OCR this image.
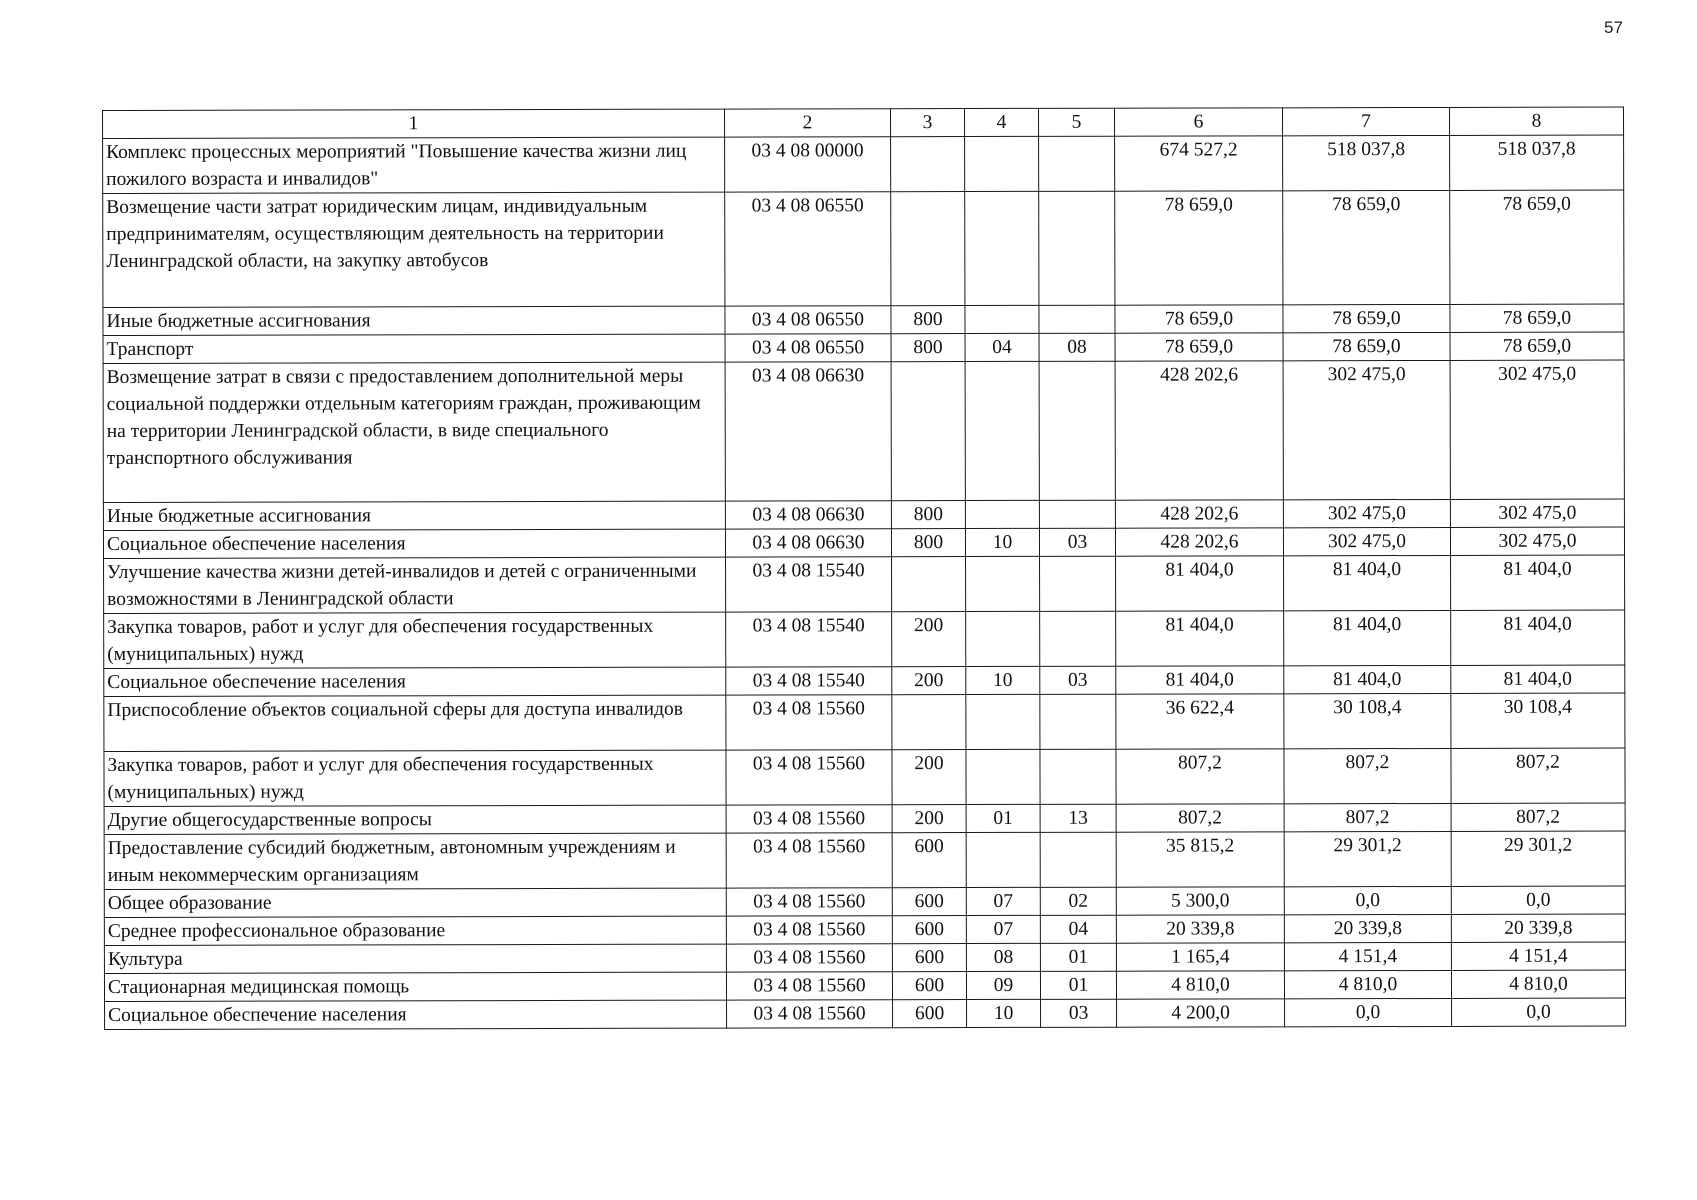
57
1	2	3	4	5	6	7	8
Комплекс процессных мероприятий "Повышение качества жизни лиц пожилого возраста и инвалидов"	03 4 08 00000				674 527,2	518 037,8	518 037,8
Возмещение части затрат юридическим лицам, индивидуальным предпринимателям, осуществляющим деятельность на территории Ленинградской области, на закупку автобусов	03 4 08 06550				78 659,0	78 659,0	78 659,0
Иные бюджетные ассигнования	03 4 08 06550	800			78 659,0	78 659,0	78 659,0
Транспорт	03 4 08 06550	800	04	08	78 659,0	78 659,0	78 659,0
Возмещение затрат в связи с предоставлением дополнительной меры социальной поддержки отдельным категориям граждан, проживающим на территории Ленинградской области, в виде специального транспортного обслуживания	03 4 08 06630				428 202,6	302 475,0	302 475,0
Иные бюджетные ассигнования	03 4 08 06630	800			428 202,6	302 475,0	302 475,0
Социальное обеспечение населения	03 4 08 06630	800	10	03	428 202,6	302 475,0	302 475,0
Улучшение качества жизни детей-инвалидов и детей с ограниченными возможностями в Ленинградской области	03 4 08 15540				81 404,0	81 404,0	81 404,0
Закупка товаров, работ и услуг для обеспечения государственных (муниципальных) нужд	03 4 08 15540	200			81 404,0	81 404,0	81 404,0
Социальное обеспечение населения	03 4 08 15540	200	10	03	81 404,0	81 404,0	81 404,0
Приспособление объектов социальной сферы для доступа инвалидов	03 4 08 15560				36 622,4	30 108,4	30 108,4
Закупка товаров, работ и услуг для обеспечения государственных (муниципальных) нужд	03 4 08 15560	200			807,2	807,2	807,2
Другие общегосударственные вопросы	03 4 08 15560	200	01	13	807,2	807,2	807,2
Предоставление субсидий бюджетным, автономным учреждениям и иным некоммерческим организациям	03 4 08 15560	600			35 815,2	29 301,2	29 301,2
Общее образование	03 4 08 15560	600	07	02	5 300,0	0,0	0,0
Среднее профессиональное образование	03 4 08 15560	600	07	04	20 339,8	20 339,8	20 339,8
Культура	03 4 08 15560	600	08	01	1 165,4	4 151,4	4 151,4
Стационарная медицинская помощь	03 4 08 15560	600	09	01	4 810,0	4 810,0	4 810,0
Социальное обеспечение населения	03 4 08 15560	600	10	03	4 200,0	0,0	0,0
